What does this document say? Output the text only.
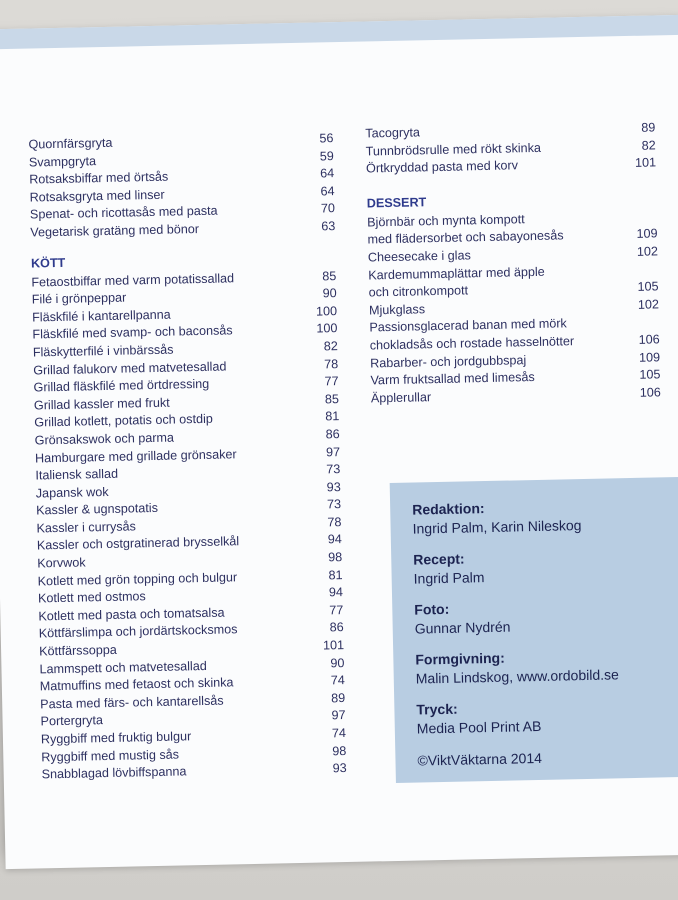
Quornfärsgryta	56
Svampgryta	59
Rotsaksbiffar med örtsås	64
Rotsaksgryta med linser	64
Spenat- och ricottasås med pasta	70
Vegetarisk gratäng med bönor	63
KÖTT
Fetaostbiffar med varm potatissallad	85
Filé i grönpeppar	90
Fläskfilé i kantarellpanna	100
Fläskfilé med svamp- och baconsås	100
Fläskytterfilé i vinbärssås	82
Grillad falukorv med matvetesallad	78
Grillad fläskfilé med örtdressing	77
Grillad kassler med frukt	85
Grillad kotlett, potatis och ostdip	81
Grönsakswok och parma	86
Hamburgare med grillade grönsaker	97
Italiensk sallad	73
Japansk wok	93
Kassler & ugnspotatis	73
Kassler i currysås	78
Kassler och ostgratinerad brysselkål	94
Korvwok	98
Kotlett med grön topping och bulgur	81
Kotlett med ostmos	94
Kotlett med pasta och tomatsalsa	77
Köttfärslimpa och jordärtskocksmos	86
Köttfärssoppa	101
Lammspett och matvetesallad	90
Matmuffins med fetaost och skinka	74
Pasta med färs- och kantarellsås	89
Portergryta	97
Ryggbiff med fruktig bulgur	74
Ryggbiff med mustig sås	98
Snabblagad lövbiffspanna	93
Tacogryta	89
Tunnbrödsrulle med rökt skinka	82
Örtkryddad pasta med korv	101
DESSERT
Björnbär och mynta kompott
med flädersorbet och sabayonesås	109
Cheesecake i glas	102
Kardemummaplättar med äpple
och citronkompott	105
Mjukglass	102
Passionsglacerad banan med mörk
chokladsås och rostade hasselnötter	106
Rabarber- och jordgubbspaj	109
Varm fruktsallad med limesås	105
Äpplerullar	106
Redaktion:
Ingrid Palm, Karin Nileskog
Recept:
Ingrid Palm
Foto:
Gunnar Nydrén
Formgivning:
Malin Lindskog, www.ordobild.se
Tryck:
Media Pool Print AB
©ViktVäktarna 2014
